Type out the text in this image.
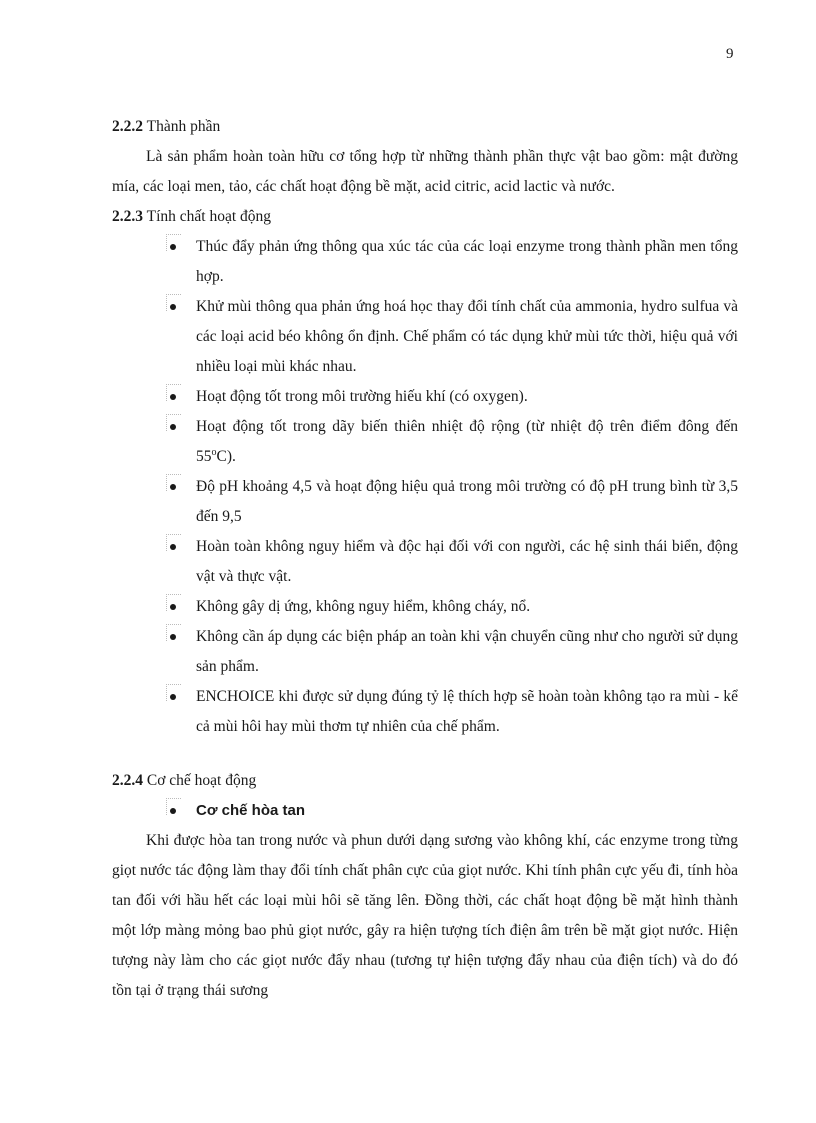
9

2.2.2 Thành phần

Là sản phẩm hoàn toàn hữu cơ tổng hợp từ những thành phần thực vật bao gồm: mật đường mía, các loại men, tảo, các chất hoạt động bề mặt, acid citric, acid lactic và nước.

2.2.3 Tính chất hoạt động

Thúc đẩy phản ứng thông qua xúc tác của các loại enzyme trong thành phần men tổng hợp.
Khử mùi thông qua phản ứng hoá học thay đổi tính chất của ammonia, hydro sulfua và các loại acid béo không ổn định. Chế phẩm có tác dụng khử mùi tức thời, hiệu quả với nhiều loại mùi khác nhau.
Hoạt động tốt trong môi trường hiếu khí (có oxygen).
Hoạt động tốt trong dãy biến thiên nhiệt độ rộng (từ nhiệt độ trên điểm đông đến 55$^o$C).
Độ pH khoảng 4,5 và hoạt động hiệu quả trong môi trường có độ pH trung bình từ 3,5 đến 9,5
Hoàn toàn không nguy hiểm và độc hại đối với con người, các hệ sinh thái biển, động vật và thực vật.
Không gây dị ứng, không nguy hiểm, không cháy, nổ.
Không cần áp dụng các biện pháp an toàn khi vận chuyển cũng như cho người sử dụng sản phẩm.
ENCHOICE khi được sử dụng đúng tỷ lệ thích hợp sẽ hoàn toàn không tạo ra mùi - kể cả mùi hôi hay mùi thơm tự nhiên của chế phẩm.

2.2.4 Cơ chế hoạt động

Cơ chế hòa tan

Khi được hòa tan trong nước và phun dưới dạng sương vào không khí, các enzyme trong từng giọt nước tác động làm thay đổi tính chất phân cực của giọt nước. Khi tính phân cực yếu đi, tính hòa tan đối với hầu hết các loại mùi hôi sẽ tăng lên. Đồng thời, các chất hoạt động bề mặt hình thành một lớp màng mỏng bao phủ giọt nước, gây ra hiện tượng tích điện âm trên bề mặt giọt nước. Hiện tượng này làm cho các giọt nước đẩy nhau (tương tự hiện tượng đẩy nhau của điện tích) và do đó tồn tại ở trạng thái sương
